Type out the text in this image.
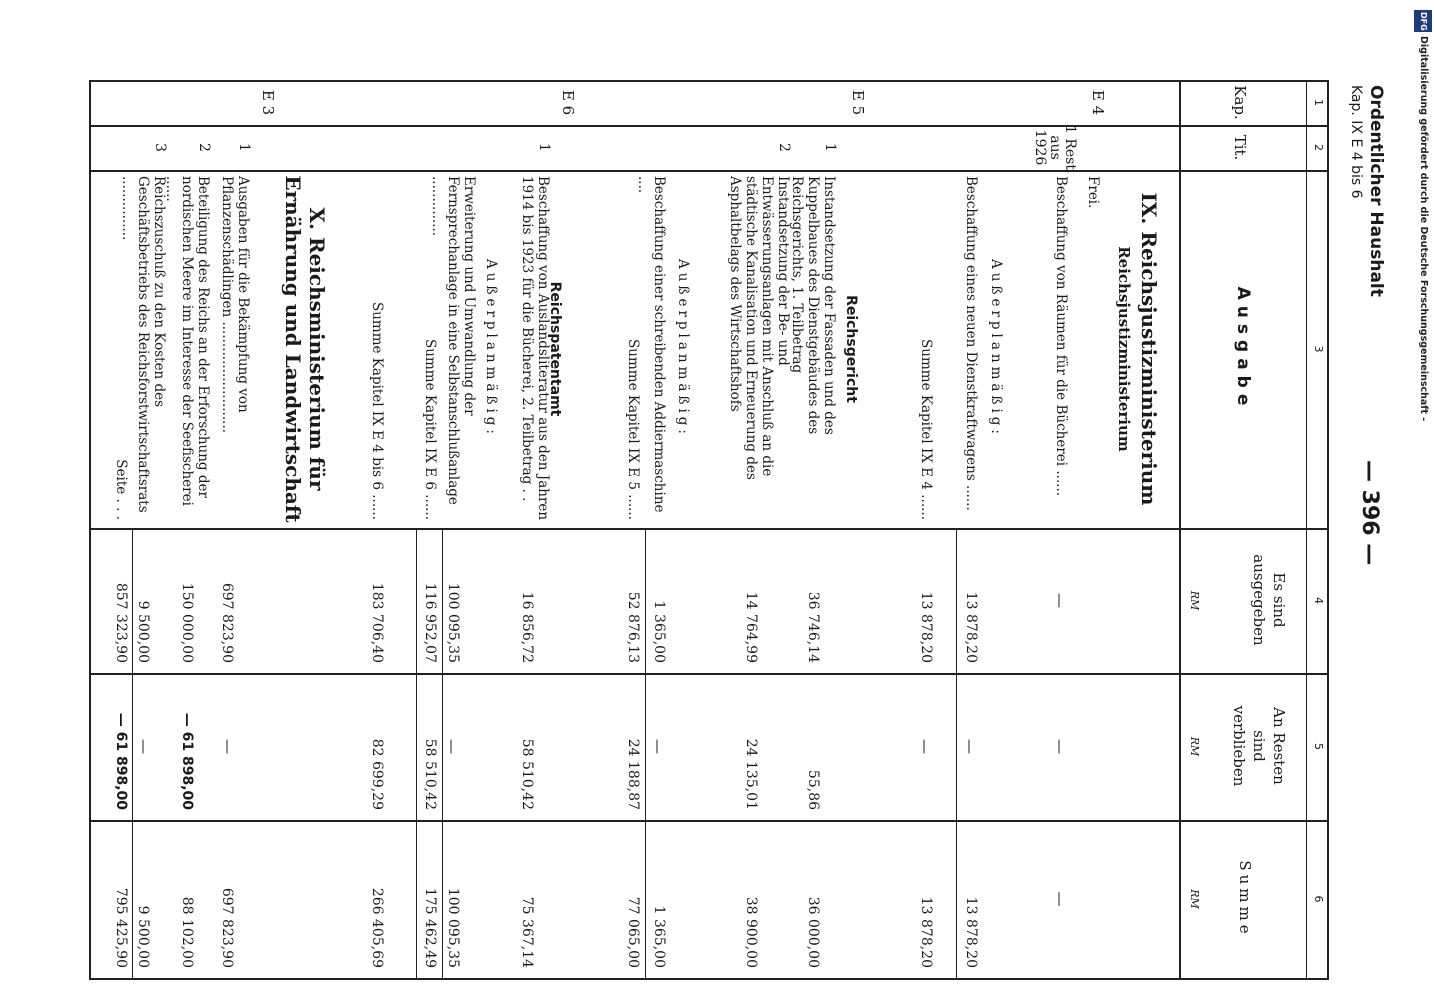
DFG
Digitalisierung gefördert durch die Deutsche Forschungsgemeinschaft -
Ordentlicher Haushalt
Kap. IX E 4 bis 6
— 396 —
1
2
3
4
5
6
Kap.
Tit.
Ausgabe
Es sind ausgegeben
An Resten sind verblieben
Summe
RM
RM
RM
IX. Reichsjustizministerium
Reichsjustizministerium
E 4
Frei.
1 Rest aus 1926
Beschaffung von Räumen für die Bücherei ......
—
—
—
Außerplanmäßig:
Beschaffung eines neuen Dienstkraftwagens ......
13 878,20
—
13 878,20
Summe Kapitel IX E 4 ......
13 878,20
—
13 878,20
E 5
Reichsgericht
1
Instandsetzung der Fassaden und des Kuppelbaues des Dienstgebäudes des Reichsgerichts, 1. Teilbetrag
36 746,14
55,86
36 000,00
2
Instandsetzung der Be- und Entwässerungsanlagen mit Anschluß an die städtische Kanalisation und Erneuerung des Asphaltbelags des Wirtschaftshofs
14 764,99
24 135,01
38 900,00
Außerplanmäßig:
Beschaffung einer schreibenden Addiermaschine ....
1 365,00
—
1 365,00
Summe Kapitel IX E 5 ......
52 876,13
24 188,87
77 065,00
E 6
Reichspatentamt
1
Beschaffung von Auslandsliteratur aus den Jahren 1914 bis 1923 für die Bücherei, 2. Teilbetrag . .
16 856,72
58 510,42
75 367,14
Außerplanmäßig:
Erweiterung und Umwandlung der Fernsprechanlage in eine Selbstanschlußanlage ..............
100 095,35
—
100 095,35
Summe Kapitel IX E 6 ......
116 952,07
58 510,42
175 462,49
Summe Kapitel IX E 4 bis 6 ......
183 706,40
82 699,29
266 405,69
X. Reichsministerium für Ernährung und Landwirtschaft
E 3
1
Ausgaben für die Bekämpfung von Pflanzenschädlingen ..........................
697 823,90
—
697 823,90
2
Beteiligung des Reichs an der Erforschung der nordischen Meere im Interesse der Seefischerei ......
150 000,00
— 61 898,00
88 102,00
3
Reichszuschuß zu den Kosten des Geschäftsbetriebs des Reichsforstwirtschaftsrats ...............
9 500,00
—
9 500,00
Seite . . .
857 323,90
— 61 898,00
795 425,90
